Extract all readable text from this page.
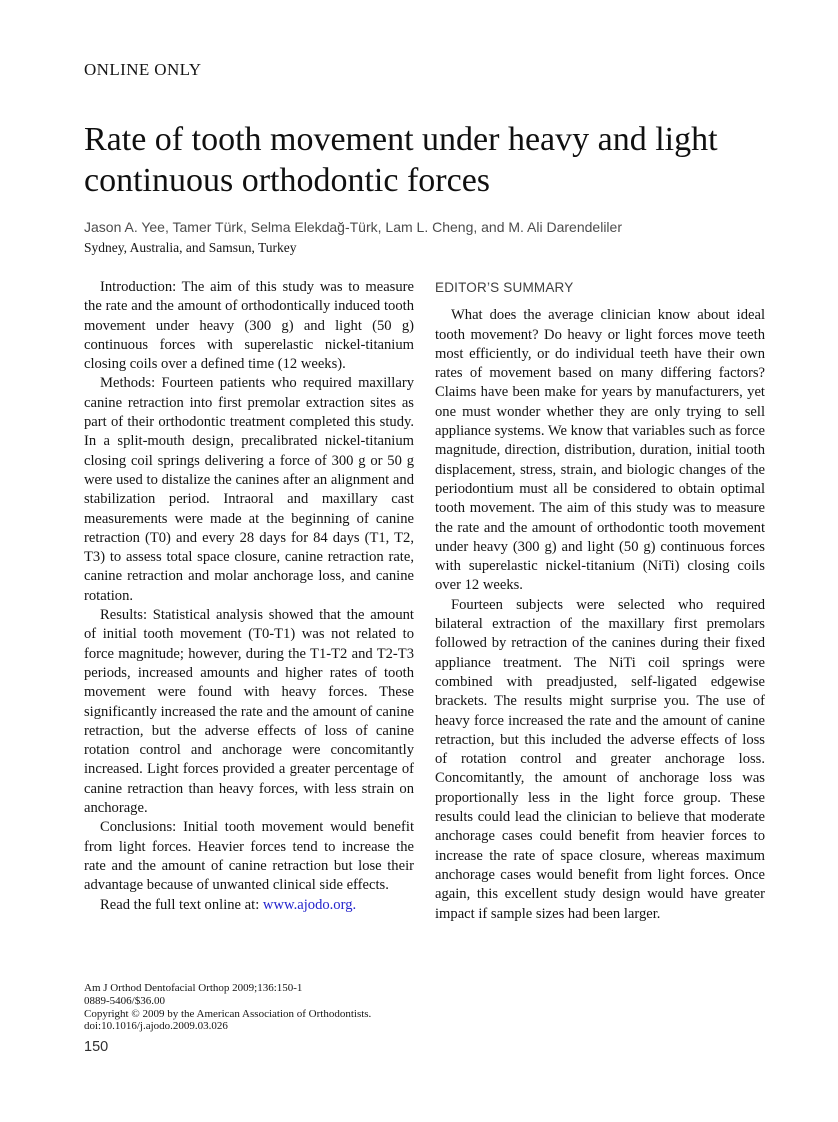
ONLINE ONLY
Rate of tooth movement under heavy and light
continuous orthodontic forces
Jason A. Yee, Tamer Türk, Selma Elekdağ-Türk, Lam L. Cheng, and M. Ali Darendeliler
Sydney, Australia, and Samsun, Turkey

Introduction: The aim of this study was to measure the rate and the amount of orthodontically induced tooth movement under heavy (300 g) and light (50 g) continuous forces with superelastic nickel-titanium closing coils over a defined time (12 weeks).

Methods: Fourteen patients who required maxillary canine retraction into first premolar extraction sites as part of their orthodontic treatment completed this study. In a split-mouth design, precalibrated nickel-titanium closing coil springs delivering a force of 300 g or 50 g were used to distalize the canines after an alignment and stabilization period. Intraoral and maxillary cast measurements were made at the beginning of canine retraction (T0) and every 28 days for 84 days (T1, T2, T3) to assess total space closure, canine retraction rate, canine retraction and molar anchorage loss, and canine rotation.

Results: Statistical analysis showed that the amount of initial tooth movement (T0-T1) was not related to force magnitude; however, during the T1-T2 and T2-T3 periods, increased amounts and higher rates of tooth movement were found with heavy forces. These significantly increased the rate and the amount of canine retraction, but the adverse effects of loss of canine rotation control and anchorage were concomitantly increased. Light forces provided a greater percentage of canine retraction than heavy forces, with less strain on anchorage.

Conclusions: Initial tooth movement would benefit from light forces. Heavier forces tend to increase the rate and the amount of canine retraction but lose their advantage because of unwanted clinical side effects.

Read the full text online at: www.ajodo.org.

EDITOR’S SUMMARY

What does the average clinician know about ideal tooth movement? Do heavy or light forces move teeth most efficiently, or do individual teeth have their own rates of movement based on many differing factors? Claims have been make for years by manufacturers, yet one must wonder whether they are only trying to sell appliance systems. We know that variables such as force magnitude, direction, distribution, duration, initial tooth displacement, stress, strain, and biologic changes of the periodontium must all be considered to obtain optimal tooth movement. The aim of this study was to measure the rate and the amount of orthodontic tooth movement under heavy (300 g) and light (50 g) continuous forces with superelastic nickel-titanium (NiTi) closing coils over 12 weeks.

Fourteen subjects were selected who required bilateral extraction of the maxillary first premolars followed by retraction of the canines during their fixed appliance treatment. The NiTi coil springs were combined with preadjusted, self-ligated edgewise brackets. The results might surprise you. The use of heavy force increased the rate and the amount of canine retraction, but this included the adverse effects of loss of rotation control and greater anchorage loss. Concomitantly, the amount of anchorage loss was proportionally less in the light force group. These results could lead the clinician to believe that moderate anchorage cases could benefit from heavier forces to increase the rate of space closure, whereas maximum anchorage cases would benefit from light forces. Once again, this excellent study design would have greater impact if sample sizes had been larger.

Am J Orthod Dentofacial Orthop 2009;136:150-1
0889-5406/$36.00
Copyright © 2009 by the American Association of Orthodontists.
doi:10.1016/j.ajodo.2009.03.026
150
